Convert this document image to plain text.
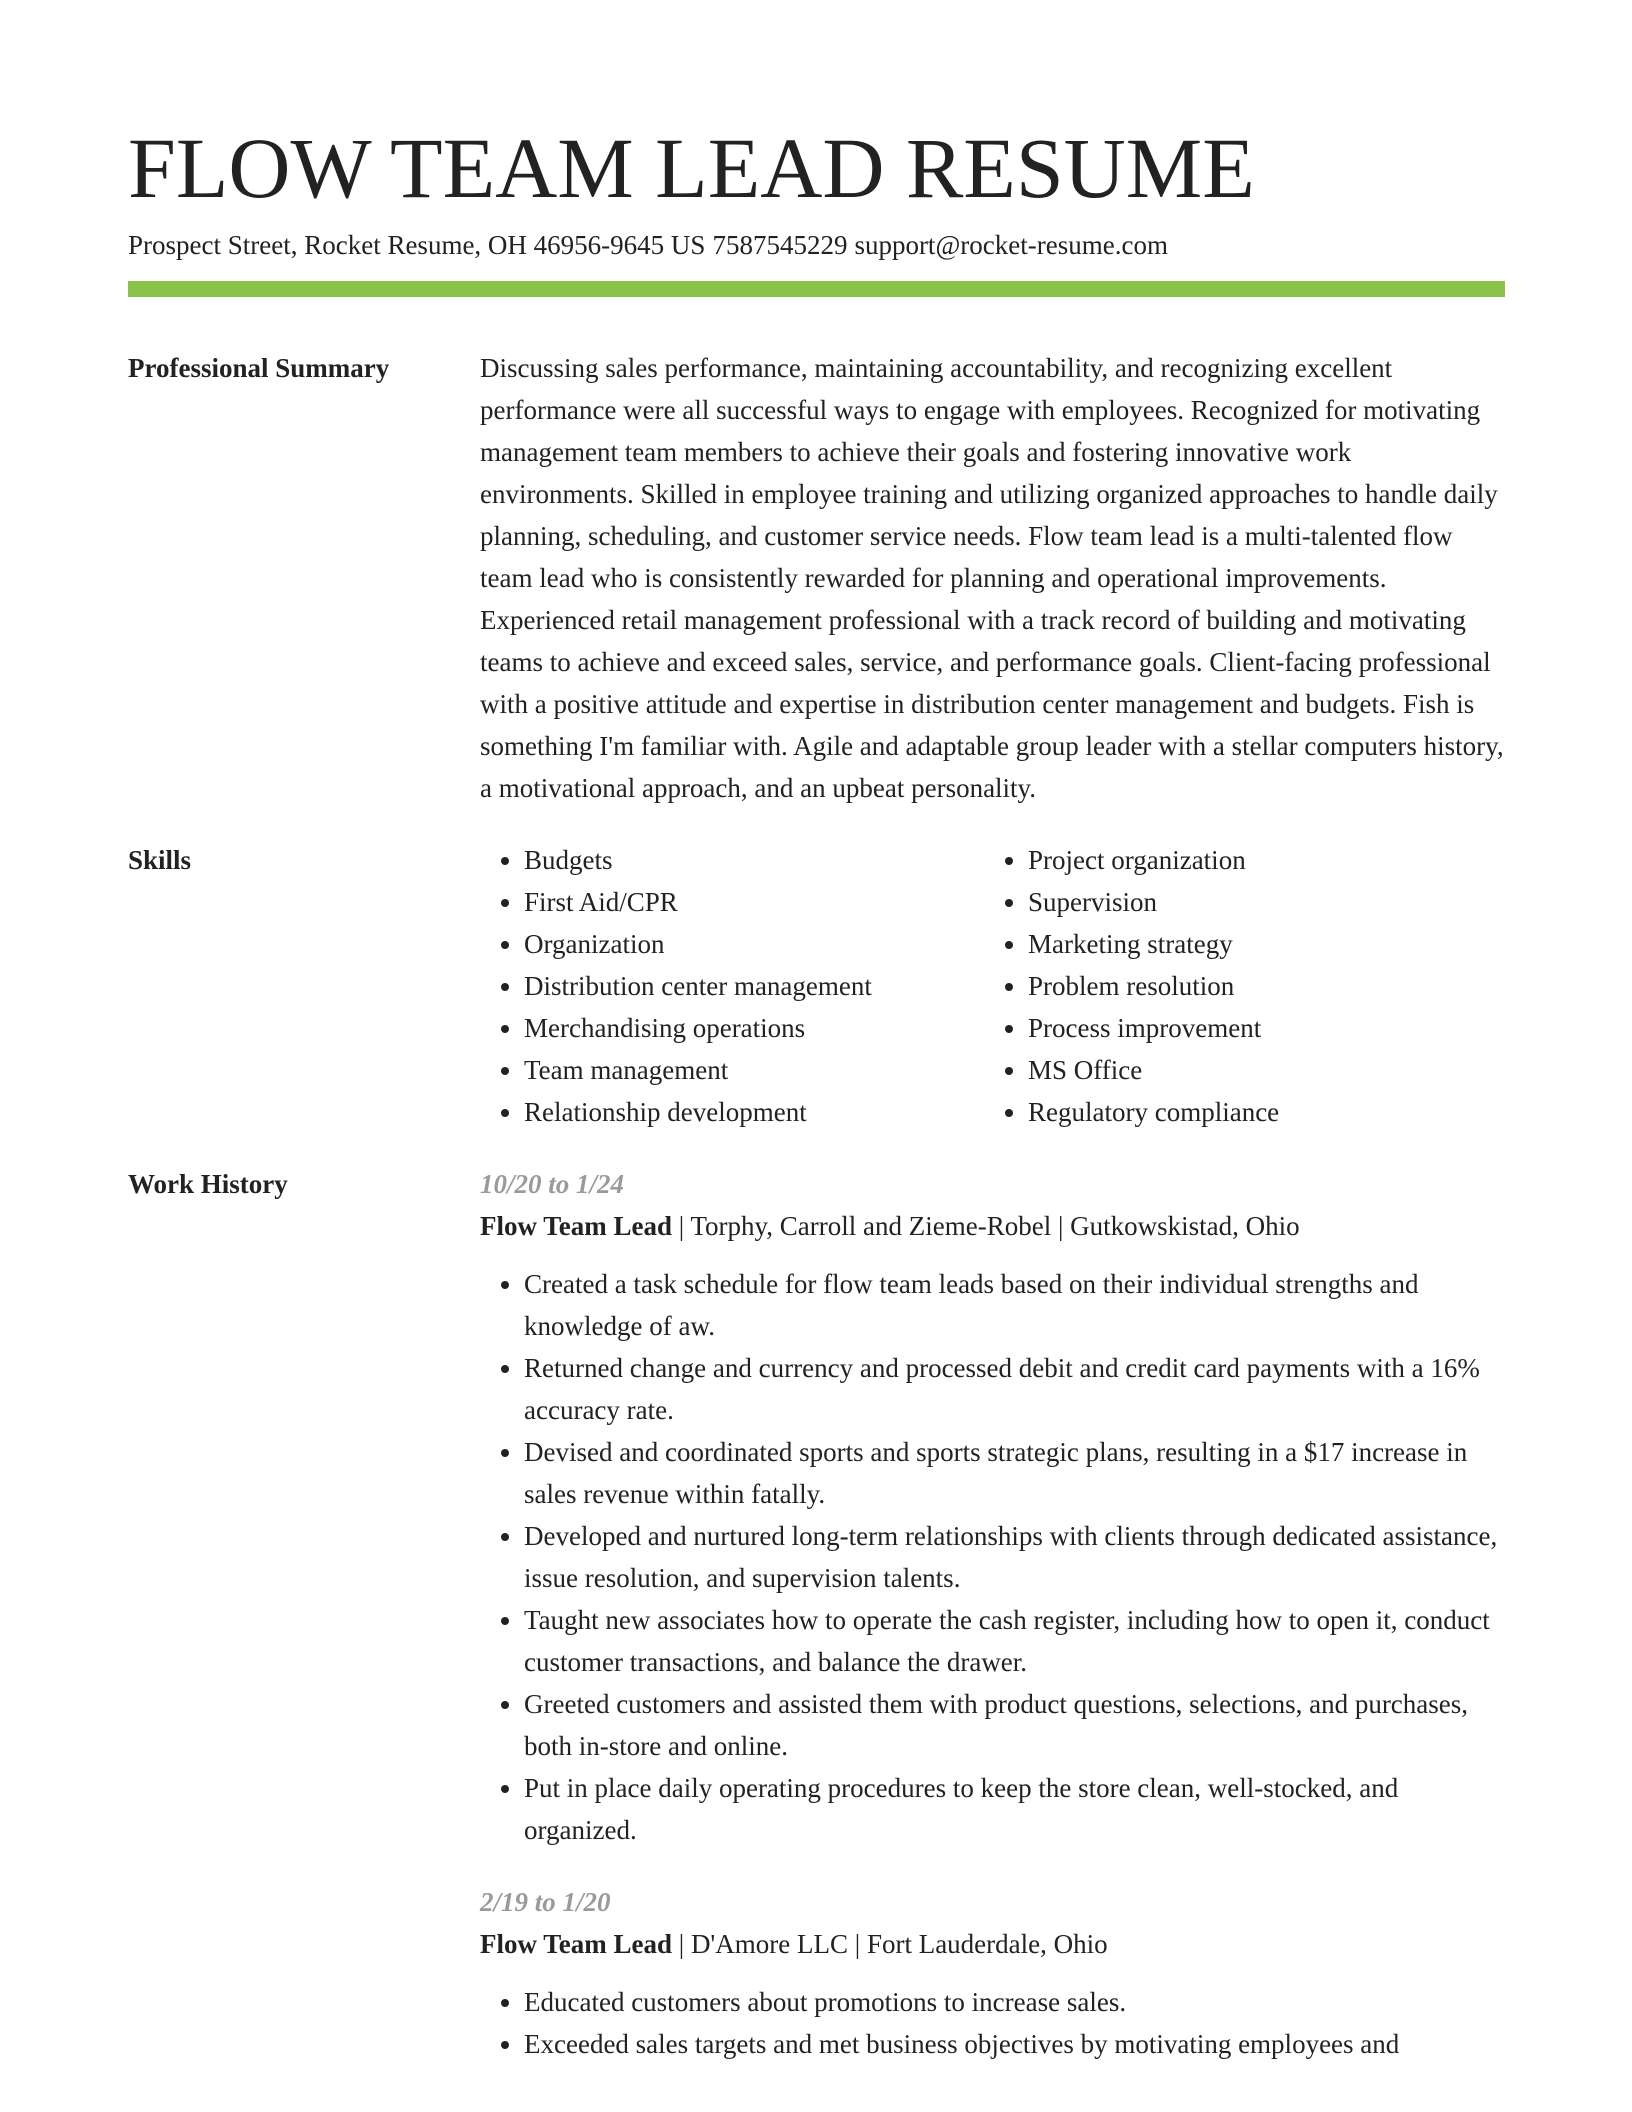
FLOW TEAM LEAD RESUME
Prospect Street, Rocket Resume, OH 46956-9645 US 7587545229 support@rocket-resume.com
Professional Summary	Discussing sales performance, maintaining accountability, and recognizing excellent performance were all successful ways to engage with employees. Recognized for motivating management team members to achieve their goals and fostering innovative work environments. Skilled in employee training and utilizing organized approaches to handle daily planning, scheduling, and customer service needs. Flow team lead is a multi-talented flow team lead who is consistently rewarded for planning and operational improvements. Experienced retail management professional with a track record of building and motivating teams to achieve and exceed sales, service, and performance goals. Client-facing professional with a positive attitude and expertise in distribution center management and budgets. Fish is something I'm familiar with. Agile and adaptable group leader with a stellar computers history, a motivational approach, and an upbeat personality.

Skills
•	Budgets
• First Aid/CPR
• Organization
• Distribution center management
• Merchandising operations
• Team management
• Relationship development
• Project organization
• Supervision
• Marketing strategy
• Problem resolution
• Process improvement
• MS Office
• Regulatory compliance
Work History	10/20 to 1/24
Flow Team Lead | Torphy, Carroll and Zieme-Robel | Gutkowskistad, Ohio
• Created a task schedule for flow team leads based on their individual strengths and knowledge of aw.
• Returned change and currency and processed debit and credit card payments with a 16% accuracy rate.
• Devised and coordinated sports and sports strategic plans, resulting in a $17 increase in sales revenue within fatally.
• Developed and nurtured long-term relationships with clients through dedicated assistance, issue resolution, and supervision talents.
• Taught new associates how to operate the cash register, including how to open it, conduct customer transactions, and balance the drawer.
• Greeted customers and assisted them with product questions, selections, and purchases, both in-store and online.
• Put in place daily operating procedures to keep the store clean, well-stocked, and organized.
2/19 to 1/20
Flow Team Lead | D'Amore LLC | Fort Lauderdale, Ohio
• Educated customers about promotions to increase sales.
• Exceeded sales targets and met business objectives by motivating employees and
